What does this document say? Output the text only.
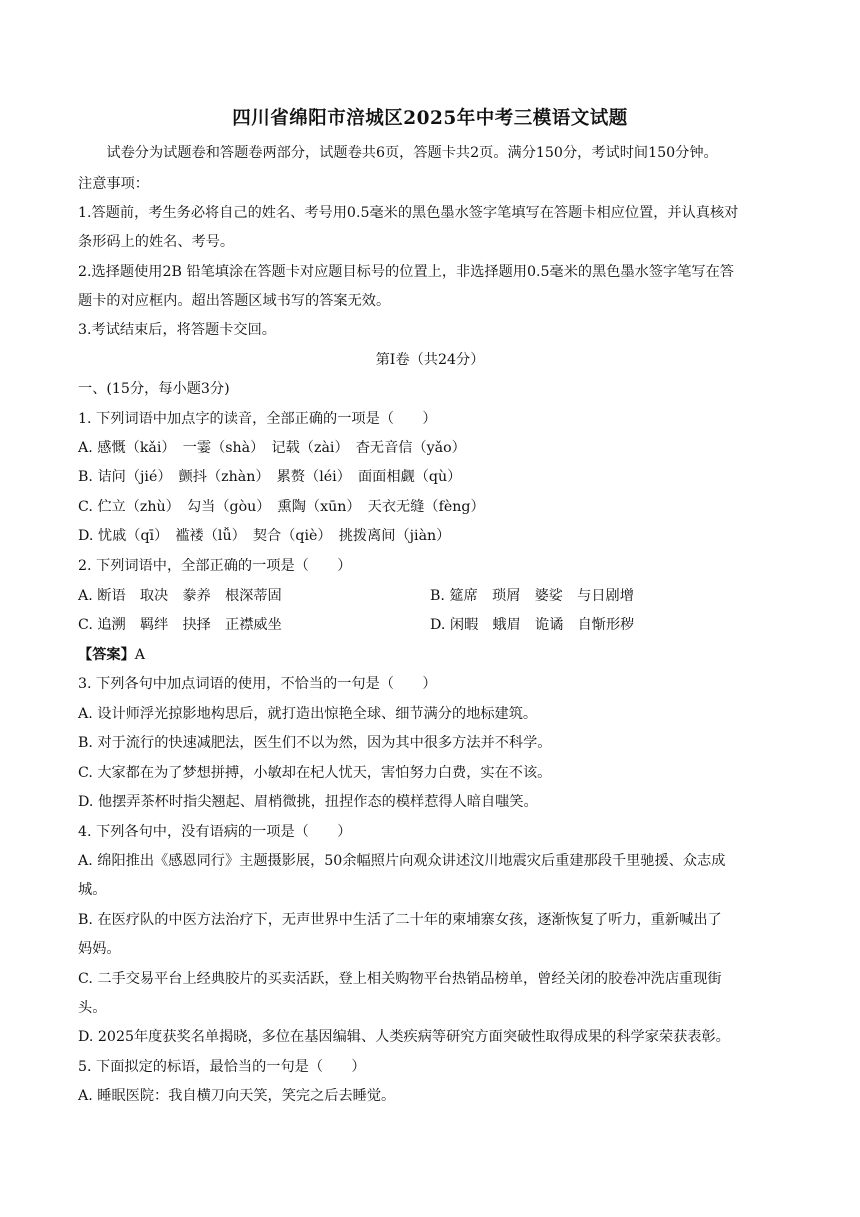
四川省绵阳市涪城区2025年中考三模语文试题
试卷分为试题卷和答题卷两部分，试题卷共6页，答题卡共2页。满分150分，考试时间150分钟。
注意事项：
1.答题前，考生务必将自己的姓名、考号用0.5毫米的黑色墨水签字笔填写在答题卡相应位置，并认真核对
条形码上的姓名、考号。
2.选择题使用2B 铅笔填涂在答题卡对应题目标号的位置上，非选择题用0.5毫米的黑色墨水签字笔写在答
题卡的对应框内。超出答题区域书写的答案无效。
3.考试结束后，将答题卡交回。
第Ⅰ卷（共24分）
一、(15分，每小题3分)
1. 下列词语中加点字的读音，全部正确的一项是（　　）
A. 感慨（kǎi）　一霎（shà）　记载（zài）　杳无音信（yǎo）
B. 诘问（jié）　颤抖（zhàn）　累赘（léi）　面面相觑（qù）
C. 伫立（zhù）　勾当（gòu）　熏陶（xūn）　天衣无缝（fèng）
D. 忧戚（qī）　褴褛（lǚ）　契合（qiè）　挑拨离间（jiàn）
2. 下列词语中，全部正确的一项是（　　）
A. 断语　取决　豢养　根深蒂固	B. 筵席　琐屑　婆娑　与日剧增
C. 追溯　羁绊　抉择　正襟威坐	D. 闲暇　蛾眉　诡谲　自惭形秽
【答案】A
3. 下列各句中加点词语的使用，不恰当的一句是（　　）
A. 设计师浮光掠影地构思后，就打造出惊艳全球、细节满分的地标建筑。
B. 对于流行的快速减肥法，医生们不以为然，因为其中很多方法并不科学。
C. 大家都在为了梦想拼搏，小敏却在杞人忧天，害怕努力白费，实在不该。
D. 他摆弄茶杯时指尖翘起、眉梢微挑，扭捏作态的模样惹得人暗自嗤笑。
4. 下列各句中，没有语病的一项是（　　）
A. 绵阳推出《感恩同行》主题摄影展，50余幅照片向观众讲述汶川地震灾后重建那段千里驰援、众志成
城。
B. 在医疗队的中医方法治疗下，无声世界中生活了二十年的柬埔寨女孩，逐渐恢复了听力，重新喊出了
妈妈。
C. 二手交易平台上经典胶片的买卖活跃，登上相关购物平台热销品榜单，曾经关闭的胶卷冲洗店重现街
头。
D. 2025年度获奖名单揭晓，多位在基因编辑、人类疾病等研究方面突破性取得成果的科学家荣获表彰。
5. 下面拟定的标语，最恰当的一句是（　　）
A. 睡眠医院：我自横刀向天笑，笑完之后去睡觉。
